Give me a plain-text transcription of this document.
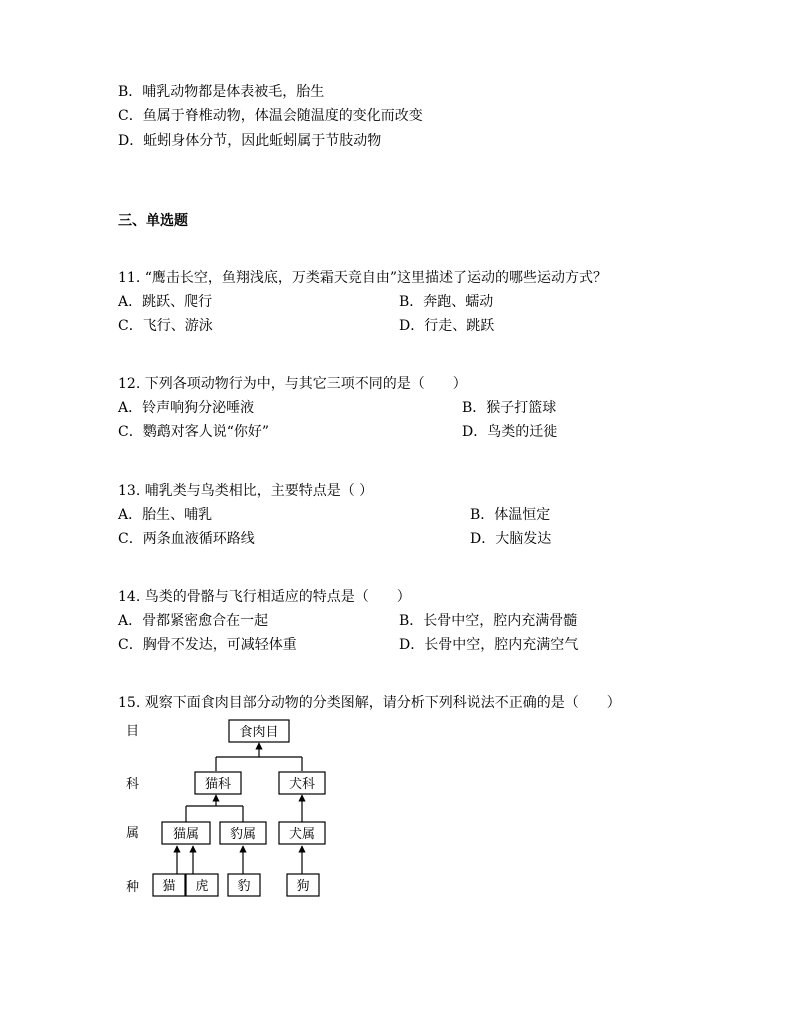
B．哺乳动物都是体表被毛，胎生
C．鱼属于脊椎动物，体温会随温度的变化而改变
D．蚯蚓身体分节，因此蚯蚓属于节肢动物
三、单选题
11. “鹰击长空，鱼翔浅底，万类霜天竞自由”这里描述了运动的哪些运动方式？
A．跳跃、爬行	B．奔跑、蠕动
C．飞行、游泳	D．行走、跳跃
12. 下列各项动物行为中，与其它三项不同的是（　　）
A．铃声响狗分泌唾液	B．猴子打篮球
C．鹦鹉对客人说“你好”	D．鸟类的迁徙
13. 哺乳类与鸟类相比，主要特点是（ ）
A．胎生、哺乳	B．体温恒定
C．两条血液循环路线	D．大脑发达
14. 鸟类的骨骼与飞行相适应的特点是（　　）
A．骨都紧密愈合在一起	B．长骨中空，腔内充满骨髓
C．胸骨不发达，可减轻体重	D．长骨中空，腔内充满空气
15. 观察下面食肉目部分动物的分类图解，请分析下列科说法不正确的是（　　）
目
科
属
种
食肉目
猫科	犬科
猫属 豹属	犬属
猫 虎 豹	狗
